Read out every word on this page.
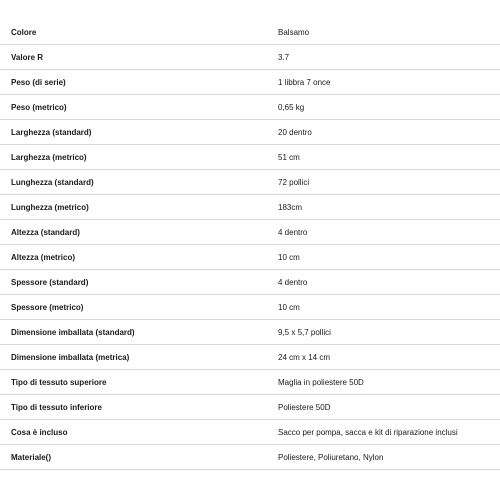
Colore	Balsamo
Valore R	3.7
Peso (di serie)	1 libbra 7 once
Peso (metrico)	0,65 kg
Larghezza (standard)	20 dentro
Larghezza (metrico)	51 cm
Lunghezza (standard)	72 pollici
Lunghezza (metrico)	183cm
Altezza (standard)	4 dentro
Altezza (metrico)	10 cm
Spessore (standard)	4 dentro
Spessore (metrico)	10 cm
Dimensione imballata (standard)	9,5 x 5,7 pollici
Dimensione imballata (metrica)	24 cm x 14 cm
Tipo di tessuto superiore	Maglia in poliestere 50D
Tipo di tessuto inferiore	Poliestere 50D
Cosa è incluso	Sacco per pompa, sacca e kit di riparazione inclusi
Materiale()	Poliestere, Poliuretano, Nylon
